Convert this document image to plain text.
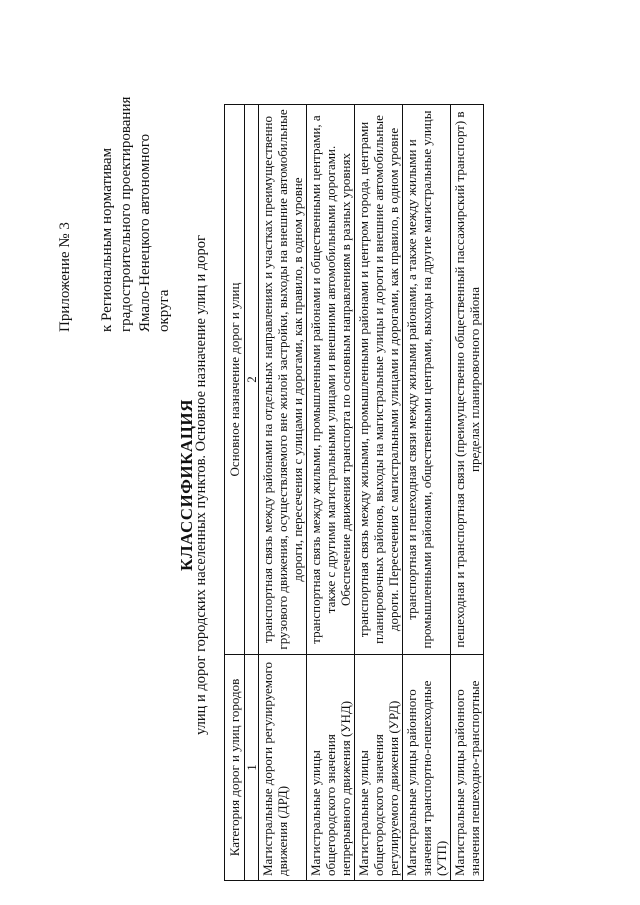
Приложение № 3 к Региональным нормативам градостроительного проектирования Ямало-Ненецкого автономного округа
КЛАССИФИКАЦИЯ
улиц и дорог городских населенных пунктов. Основное назначение улиц и дорог
Категория дорог и улиц городов	Основное назначение дорог и улиц
1	2
Магистральные дороги регулируемого движения (ДРД)	транспортная связь между районами на отдельных направлениях и участках преимущественно грузового движения, осуществляемого вне жилой застройки, выходы на внешние автомобильные дороги, пересечения с улицами и дорогами, как правило, в одном уровне
Магистральные улицы общегородского значения непрерывного движения (УНД)	транспортная связь между жилыми, промышленными районами и общественными центрами, а также с другими магистральными улицами и внешними автомобильными дорогами. Обеспечение движения транспорта по основным направлениям в разных уровнях
Магистральные улицы общегородского значения регулируемого движения (УРД)	транспортная связь между жилыми, промышленными районами и центром города, центрами планировочных районов, выходы на магистральные улицы и дороги и внешние автомобильные дороги. Пересечения с магистральными улицами и дорогами, как правило, в одном уровне
Магистральные улицы районного значения транспортно-пешеходные (УТП)	транспортная и пешеходная связи между жилыми районами, а также между жилыми и промышленными районами, общественными центрами, выходы на другие магистральные улицы
Магистральные улицы районного значения пешеходно-транспортные	пешеходная и транспортная связи (преимущественно общественный пассажирский транспорт) в пределах планировочного района
